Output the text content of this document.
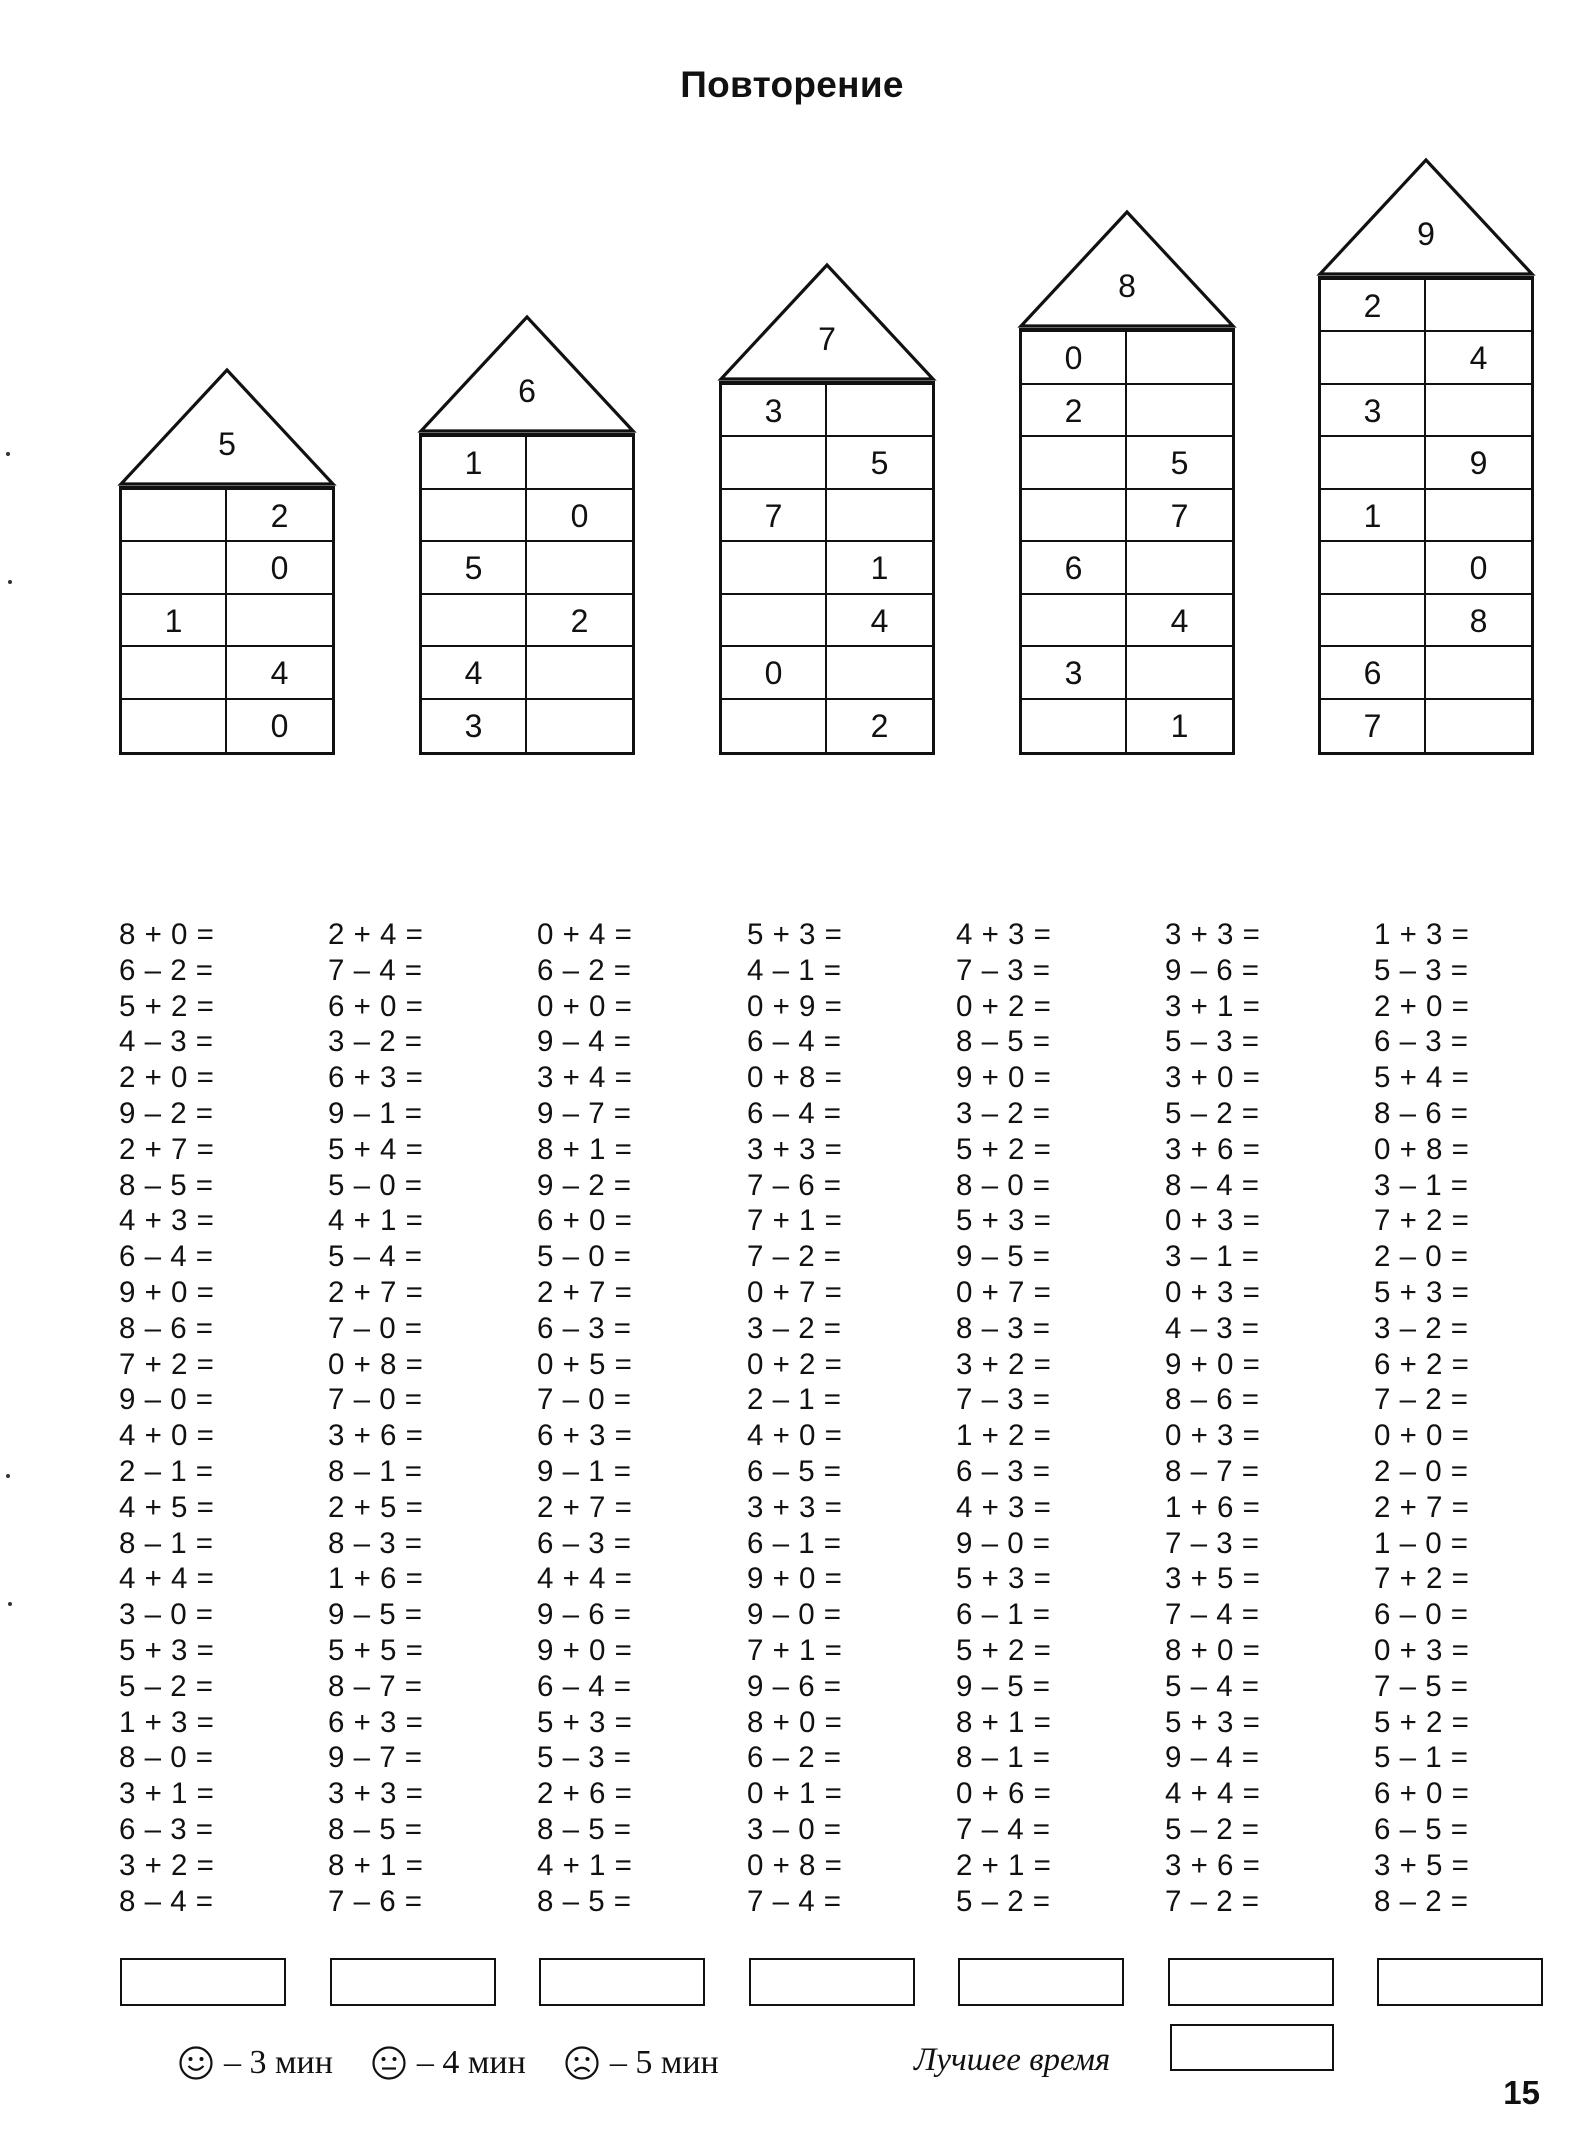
Повторение
5
2
0
1
4
0
6
1
0
5
2
4
3
7
3
5
7
1
4
0
2
8
0
2
5
7
6
4
3
1
9
2
4
3
9
1
0
8
6
7
8 + 0 =
6 – 2 =
5 + 2 =
4 – 3 =
2 + 0 =
9 – 2 =
2 + 7 =
8 – 5 =
4 + 3 =
6 – 4 =
9 + 0 =
8 – 6 =
7 + 2 =
9 – 0 =
4 + 0 =
2 – 1 =
4 + 5 =
8 – 1 =
4 + 4 =
3 – 0 =
5 + 3 =
5 – 2 =
1 + 3 =
8 – 0 =
3 + 1 =
6 – 3 =
3 + 2 =
8 – 4 =
2 + 4 =
7 – 4 =
6 + 0 =
3 – 2 =
6 + 3 =
9 – 1 =
5 + 4 =
5 – 0 =
4 + 1 =
5 – 4 =
2 + 7 =
7 – 0 =
0 + 8 =
7 – 0 =
3 + 6 =
8 – 1 =
2 + 5 =
8 – 3 =
1 + 6 =
9 – 5 =
5 + 5 =
8 – 7 =
6 + 3 =
9 – 7 =
3 + 3 =
8 – 5 =
8 + 1 =
7 – 6 =
0 + 4 =
6 – 2 =
0 + 0 =
9 – 4 =
3 + 4 =
9 – 7 =
8 + 1 =
9 – 2 =
6 + 0 =
5 – 0 =
2 + 7 =
6 – 3 =
0 + 5 =
7 – 0 =
6 + 3 =
9 – 1 =
2 + 7 =
6 – 3 =
4 + 4 =
9 – 6 =
9 + 0 =
6 – 4 =
5 + 3 =
5 – 3 =
2 + 6 =
8 – 5 =
4 + 1 =
8 – 5 =
5 + 3 =
4 – 1 =
0 + 9 =
6 – 4 =
0 + 8 =
6 – 4 =
3 + 3 =
7 – 6 =
7 + 1 =
7 – 2 =
0 + 7 =
3 – 2 =
0 + 2 =
2 – 1 =
4 + 0 =
6 – 5 =
3 + 3 =
6 – 1 =
9 + 0 =
9 – 0 =
7 + 1 =
9 – 6 =
8 + 0 =
6 – 2 =
0 + 1 =
3 – 0 =
0 + 8 =
7 – 4 =
4 + 3 =
7 – 3 =
0 + 2 =
8 – 5 =
9 + 0 =
3 – 2 =
5 + 2 =
8 – 0 =
5 + 3 =
9 – 5 =
0 + 7 =
8 – 3 =
3 + 2 =
7 – 3 =
1 + 2 =
6 – 3 =
4 + 3 =
9 – 0 =
5 + 3 =
6 – 1 =
5 + 2 =
9 – 5 =
8 + 1 =
8 – 1 =
0 + 6 =
7 – 4 =
2 + 1 =
5 – 2 =
3 + 3 =
9 – 6 =
3 + 1 =
5 – 3 =
3 + 0 =
5 – 2 =
3 + 6 =
8 – 4 =
0 + 3 =
3 – 1 =
0 + 3 =
4 – 3 =
9 + 0 =
8 – 6 =
0 + 3 =
8 – 7 =
1 + 6 =
7 – 3 =
3 + 5 =
7 – 4 =
8 + 0 =
5 – 4 =
5 + 3 =
9 – 4 =
4 + 4 =
5 – 2 =
3 + 6 =
7 – 2 =
1 + 3 =
5 – 3 =
2 + 0 =
6 – 3 =
5 + 4 =
8 – 6 =
0 + 8 =
3 – 1 =
7 + 2 =
2 – 0 =
5 + 3 =
3 – 2 =
6 + 2 =
7 – 2 =
0 + 0 =
2 – 0 =
2 + 7 =
1 – 0 =
7 + 2 =
6 – 0 =
0 + 3 =
7 – 5 =
5 + 2 =
5 – 1 =
6 + 0 =
6 – 5 =
3 + 5 =
8 – 2 =
– 3 мин – 4 мин – 5 мин	Лучшее время
15
